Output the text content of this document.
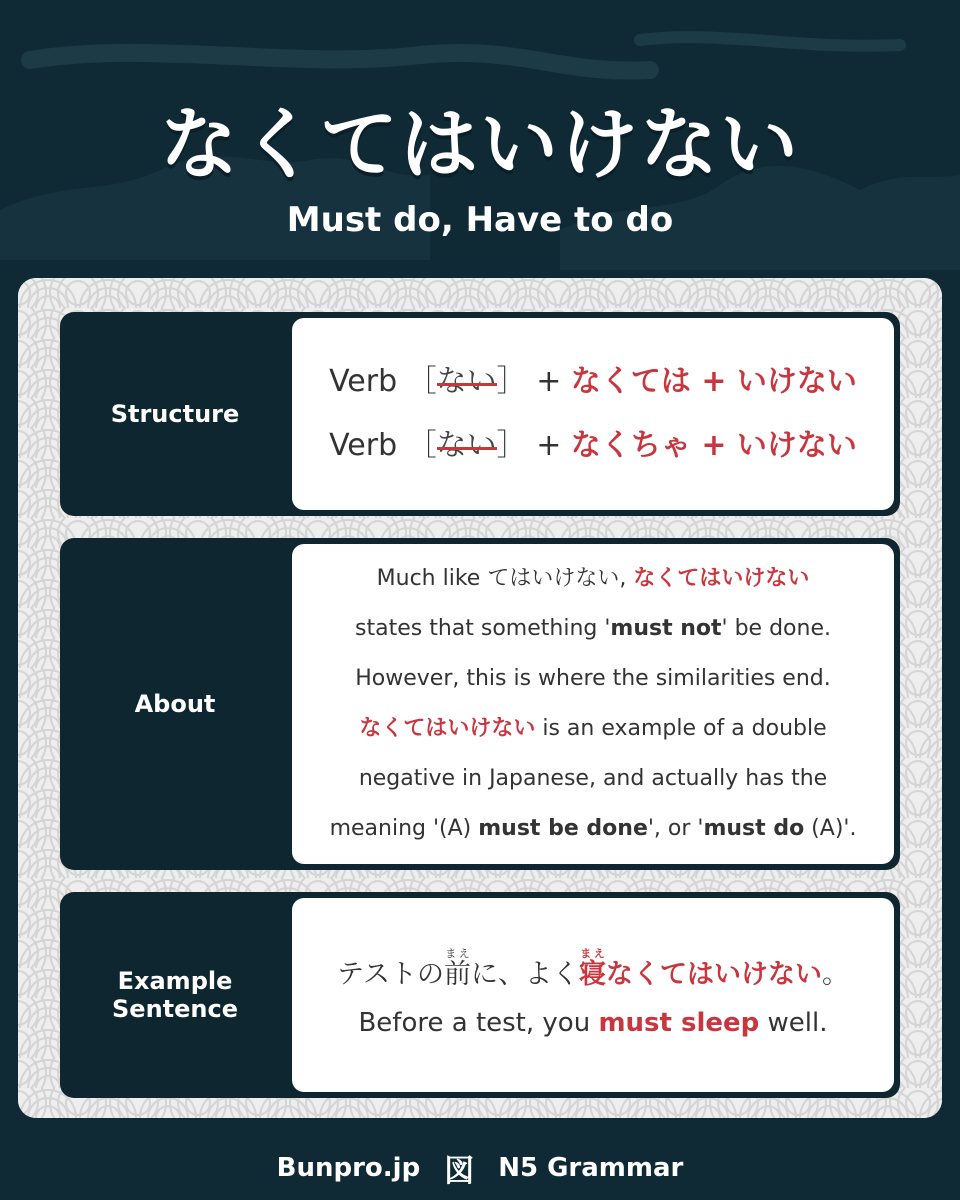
なくてはいけない
Must do, Have to do
Structure
Verb ［ない］ + なくては + いけない
Verb ［ない］ + なくちゃ + いけない
About
Much like てはいけない, なくてはいけない
states that something 'must not' be done.
However, this is where the similarities end.
なくてはいけない is an example of a double
negative in Japanese, and actually has the
meaning '(A) must be done', or 'must do (A)'.
Example Sentence
テストの前まえに、よく寝まえなくてはいけない。
Before a test, you must sleep well.
Bunpro.jp 図 N5 Grammar
